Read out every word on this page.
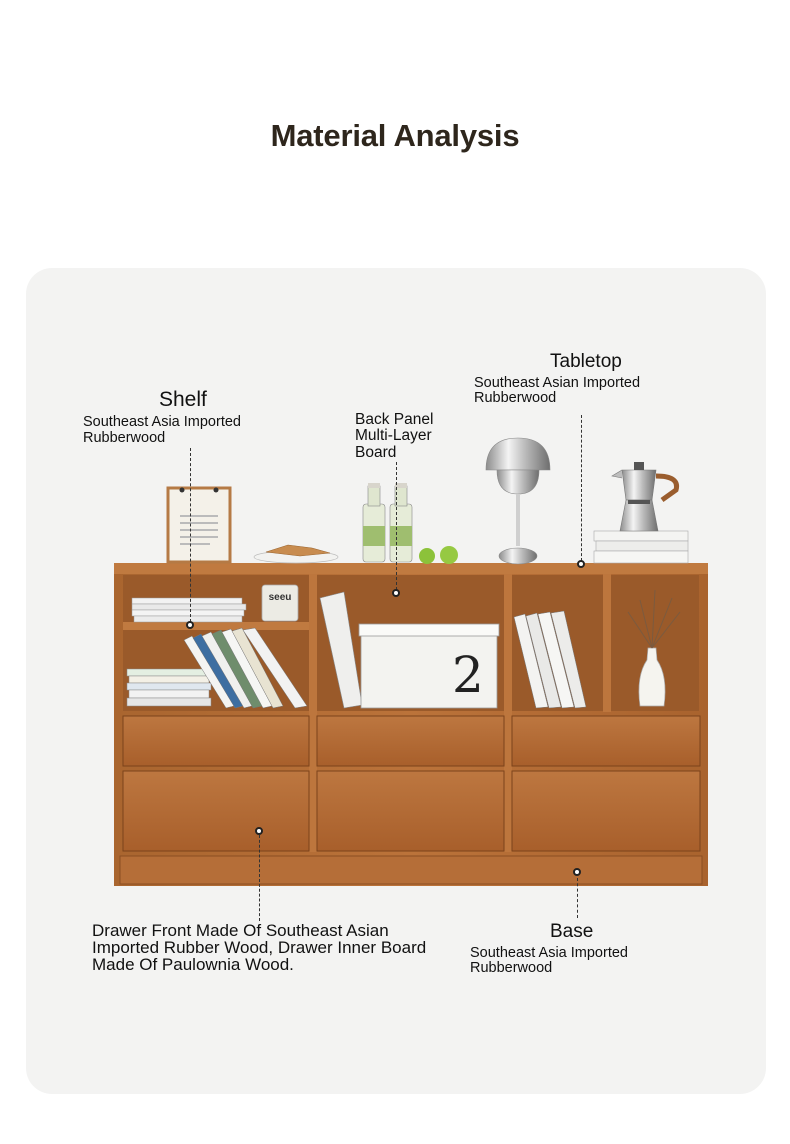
Material Analysis
seeu
2
Shelf
Southeast Asia Imported Rubberwood
Back Panel Multi-Layer Board
Tabletop
Southeast Asian Imported Rubberwood
Drawer Front Made Of Southeast Asian Imported Rubber Wood, Drawer Inner Board Made Of Paulownia Wood.
Base
Southeast Asia Imported Rubberwood
